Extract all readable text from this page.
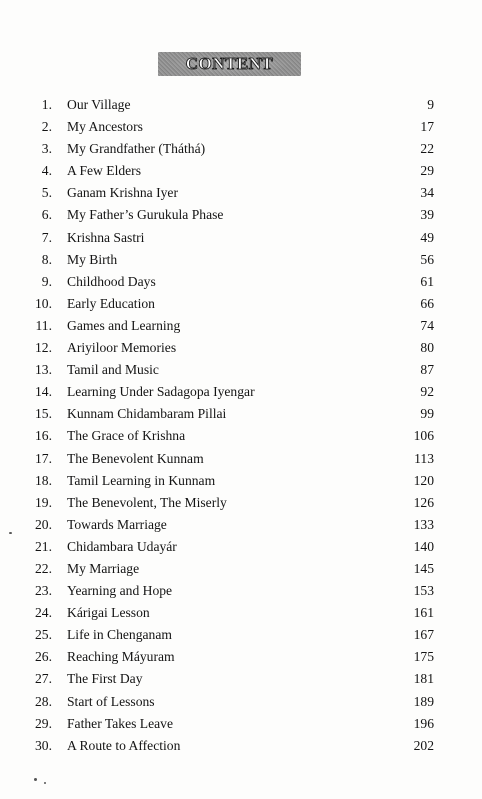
CONTENT
1. Our Village	9
2. My Ancestors	17
3. My Grandfather (Tháthá)	22
4. A Few Elders	29
5. Ganam Krishna Iyer	34
6. My Father’s Gurukula Phase	39
7. Krishna Sastri	49
8. My Birth	56
9. Childhood Days	61
10. Early Education	66
11. Games and Learning	74
12. Ariyiloor Memories	80
13. Tamil and Music	87
14. Learning Under Sadagopa Iyengar	92
15. Kunnam Chidambaram Pillai	99
16. The Grace of Krishna	106
17. The Benevolent Kunnam	113
18. Tamil Learning in Kunnam	120
19. The Benevolent, The Miserly	126
20. Towards Marriage	133
21. Chidambara Udayár	140
22. My Marriage	145
23. Yearning and Hope	153
24. Kárigai Lesson	161
25. Life in Chenganam	167
26. Reaching Máyuram	175
27. The First Day	181
28. Start of Lessons	189
29. Father Takes Leave	196
30. A Route to Affection	202
